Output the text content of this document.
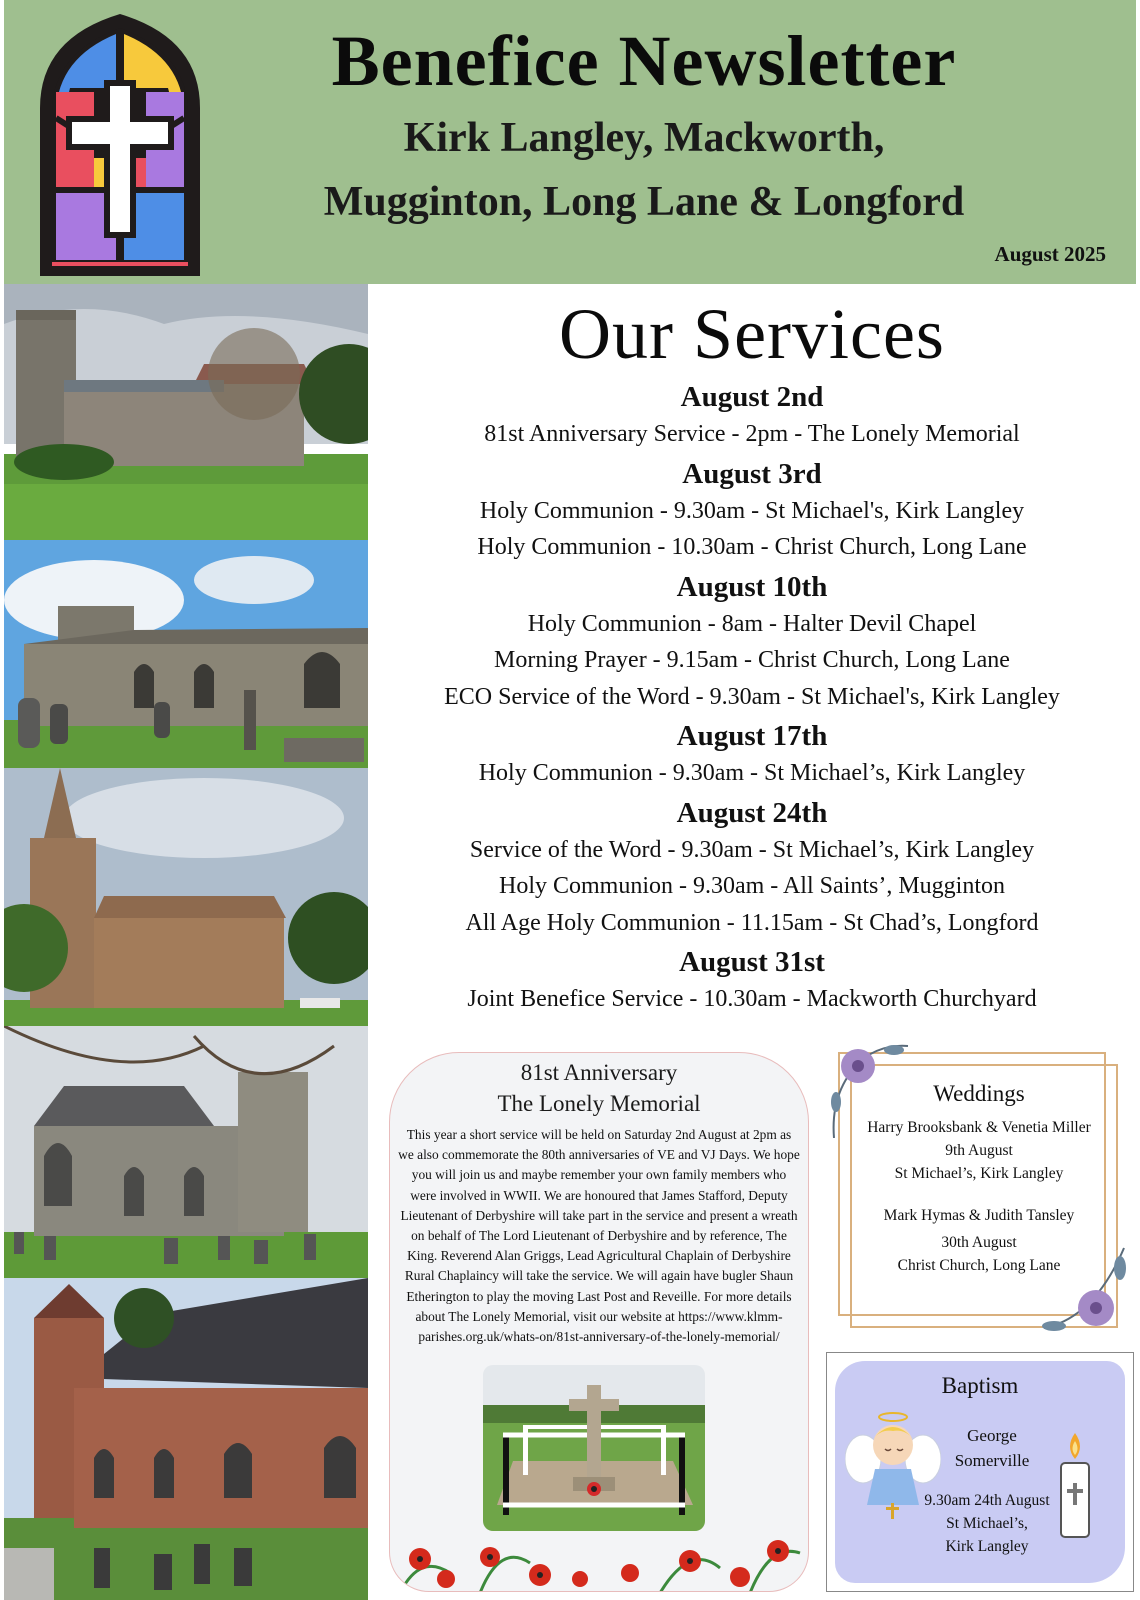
Benefice Newsletter
Kirk Langley, Mackworth,
Mugginton, Long Lane & Longford
August 2025
Our Services
August 2nd
81st Anniversary Service - 2pm - The Lonely Memorial
August 3rd
Holy Communion - 9.30am - St Michael's, Kirk Langley
Holy Communion - 10.30am - Christ Church, Long Lane
August 10th
Holy Communion - 8am - Halter Devil Chapel
Morning Prayer - 9.15am - Christ Church, Long Lane
ECO Service of the Word - 9.30am - St Michael's, Kirk Langley
August 17th
Holy Communion - 9.30am - St Michael’s, Kirk Langley
August 24th
Service of the Word - 9.30am - St Michael’s, Kirk Langley
Holy Communion - 9.30am - All Saints’, Mugginton
All Age Holy Communion - 11.15am - St Chad’s, Longford
August 31st
Joint Benefice Service - 10.30am - Mackworth Churchyard
81st Anniversary
The Lonely Memorial
This year a short service will be held on Saturday 2nd August at 2pm as we also commemorate the 80th anniversaries of VE and VJ Days. We hope you will join us and maybe remember your own family members who were involved in WWII. We are honoured that James Stafford, Deputy Lieutenant of Derbyshire will take part in the service and present a wreath on behalf of The Lord Lieutenant of Derbyshire and by reference, The King. Reverend Alan Griggs, Lead Agricultural Chaplain of Derbyshire Rural Chaplaincy will take the service. We will again have bugler Shaun Etherington to play the moving Last Post and Reveille. For more details about The Lonely Memorial, visit our website at https://www.klmm-parishes.org.uk/whats-on/81st-anniversary-of-the-lonely-memorial/
Weddings
Harry Brooksbank & Venetia Miller
9th August
St Michael’s, Kirk Langley
Mark Hymas & Judith Tansley
30th August
Christ Church, Long Lane
Baptism
George
Somerville
9.30am 24th August
St Michael’s,
Kirk Langley
